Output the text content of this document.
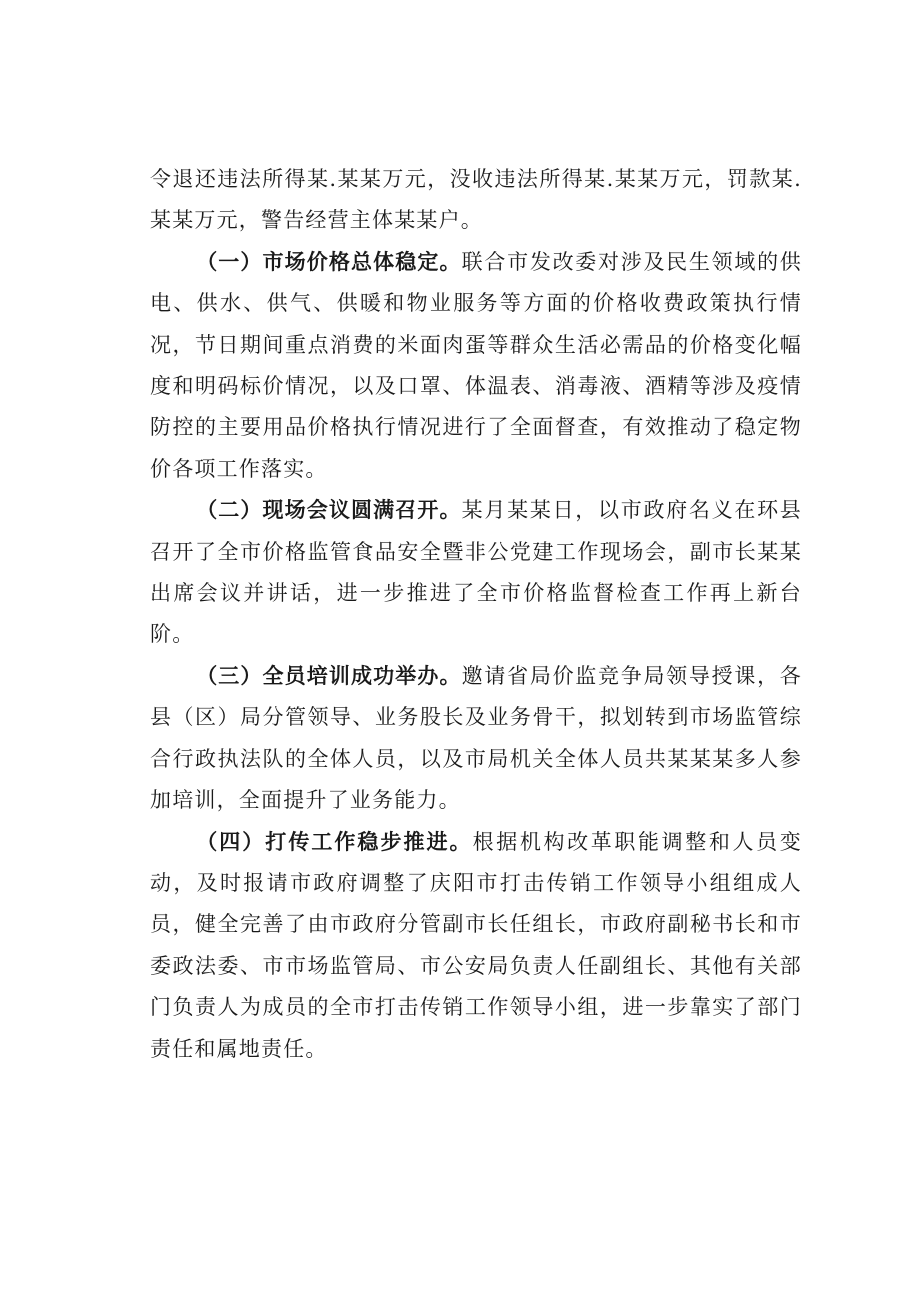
令退还违法所得某.某某万元，没收违法所得某.某某万元，罚款某.某某万元，警告经营主体某某户。

（一）市场价格总体稳定。联合市发改委对涉及民生领域的供电、供水、供气、供暖和物业服务等方面的价格收费政策执行情况，节日期间重点消费的米面肉蛋等群众生活必需品的价格变化幅度和明码标价情况，以及口罩、体温表、消毒液、酒精等涉及疫情防控的主要用品价格执行情况进行了全面督查，有效推动了稳定物价各项工作落实。

（二）现场会议圆满召开。某月某某日，以市政府名义在环县召开了全市价格监管食品安全暨非公党建工作现场会，副市长某某出席会议并讲话，进一步推进了全市价格监督检查工作再上新台阶。

（三）全员培训成功举办。邀请省局价监竞争局领导授课，各县（区）局分管领导、业务股长及业务骨干，拟划转到市场监管综合行政执法队的全体人员，以及市局机关全体人员共某某某多人参加培训，全面提升了业务能力。

（四）打传工作稳步推进。根据机构改革职能调整和人员变动，及时报请市政府调整了庆阳市打击传销工作领导小组组成人员，健全完善了由市政府分管副市长任组长，市政府副秘书长和市委政法委、市市场监管局、市公安局负责人任副组长、其他有关部门负责人为成员的全市打击传销工作领导小组，进一步靠实了部门责任和属地责任。
